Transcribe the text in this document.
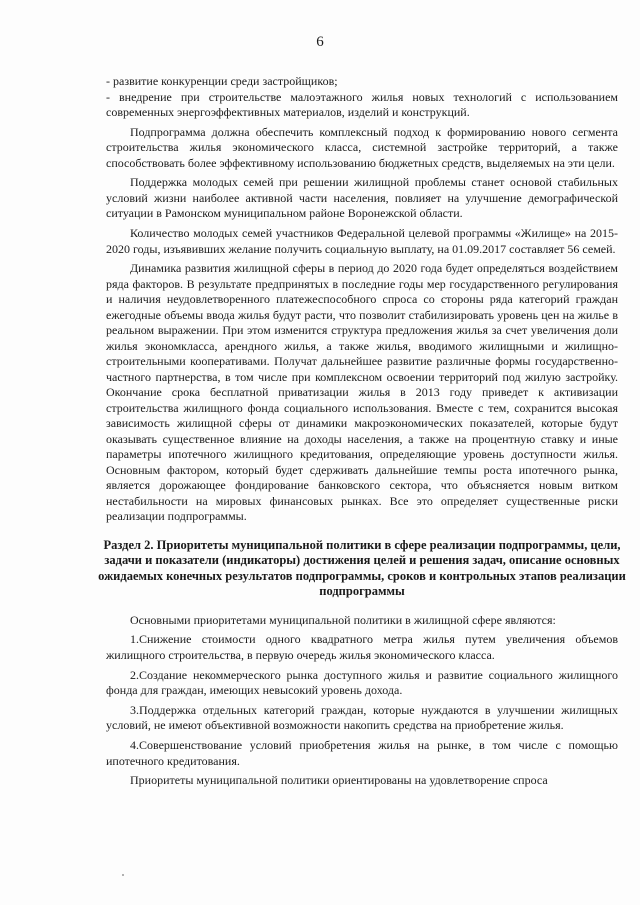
6

- развитие конкуренции среди застройщиков;

- внедрение при строительстве малоэтажного жилья новых технологий с использованием современных энергоэффективных материалов, изделий и конструкций.

Подпрограмма должна обеспечить комплексный подход к формированию нового сегмента строительства жилья экономического класса, системной застройке территорий, а также способствовать более эффективному использованию бюджетных средств, выделяемых на эти цели.

Поддержка молодых семей при решении жилищной проблемы станет основой стабильных условий жизни наиболее активной части населения, повлияет на улучшение демографической ситуации в Рамонском муниципальном районе Воронежской области.

Количество молодых семей участников Федеральной целевой программы «Жилище» на 2015-2020 годы, изъявивших желание получить социальную выплату, на 01.09.2017 составляет 56 семей.

Динамика развития жилищной сферы в период до 2020 года будет определяться воздействием ряда факторов. В результате предпринятых в последние годы мер государственного регулирования и наличия неудовлетворенного платежеспособного спроса со стороны ряда категорий граждан ежегодные объемы ввода жилья будут расти, что позволит стабилизировать уровень цен на жилье в реальном выражении. При этом изменится структура предложения жилья за счет увеличения доли жилья экономкласса, арендного жилья, а также жилья, вводимого жилищными и жилищно-строительными кооперативами. Получат дальнейшее развитие различные формы государственно-частного партнерства, в том числе при комплексном освоении территорий под жилую застройку. Окончание срока бесплатной приватизации жилья в 2013 году приведет к активизации строительства жилищного фонда социального использования. Вместе с тем, сохранится высокая зависимость жилищной сферы от динамики макроэкономических показателей, которые будут оказывать существенное влияние на доходы населения, а также на процентную ставку и иные параметры ипотечного жилищного кредитования, определяющие уровень доступности жилья. Основным фактором, который будет сдерживать дальнейшие темпы роста ипотечного рынка, является дорожающее фондирование банковского сектора, что объясняется новым витком нестабильности на мировых финансовых рынках. Все это определяет существенные риски реализации подпрограммы.

Раздел 2. Приоритеты муниципальной политики в сфере реализации подпрограммы, цели, задачи и показатели (индикаторы) достижения целей и решения задач, описание основных ожидаемых конечных результатов подпрограммы, сроков и контрольных этапов реализации подпрограммы

Основными приоритетами муниципальной политики в жилищной сфере являются:

1.Снижение стоимости одного квадратного метра жилья путем увеличения объемов жилищного строительства, в первую очередь жилья экономического класса.

2.Создание некоммерческого рынка доступного жилья и развитие социального жилищного фонда для граждан, имеющих невысокий уровень дохода.

3.Поддержка отдельных категорий граждан, которые нуждаются в улучшении жилищных условий, не имеют объективной возможности накопить средства на приобретение жилья.

4.Совершенствование условий приобретения жилья на рынке, в том числе с помощью ипотечного кредитования.

Приоритеты муниципальной политики ориентированы на удовлетворение спроса
